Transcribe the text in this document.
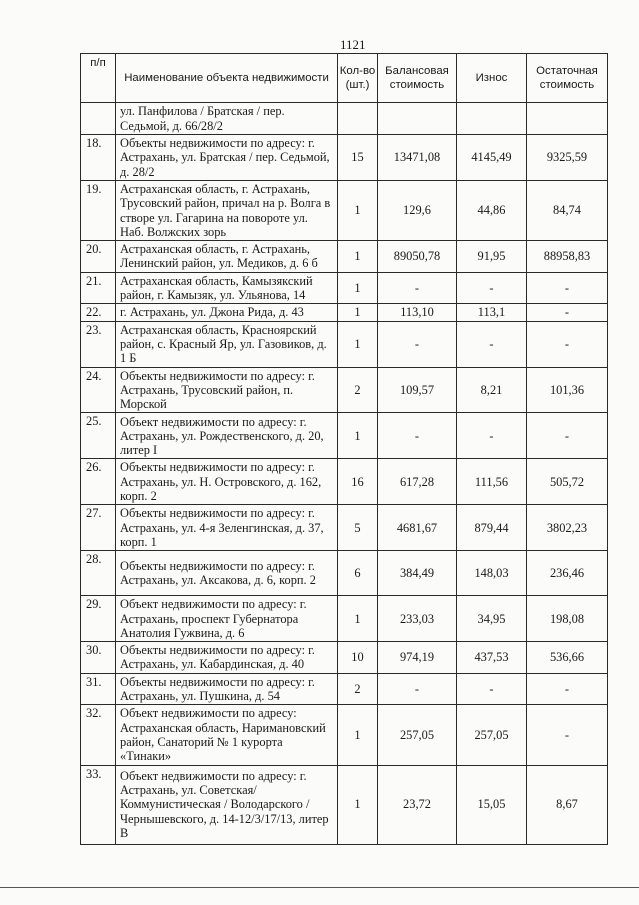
1121
п/п	Наименование объекта недвижимости	Кол-во (шт.)	Балансовая стоимость	Износ	Остаточная стоимость
	ул. Панфилова / Братская / пер. Седьмой, д. 66/28/2				
18.	Объекты недвижимости по адресу: г. Астрахань, ул. Братская / пер. Седьмой, д. 28/2	15	13471,08	4145,49	9325,59
19.	Астраханская область, г. Астрахань, Трусовский район, причал на р. Волга в створе ул. Гагарина на повороте ул. Наб. Волжских зорь	1	129,6	44,86	84,74
20.	Астраханская область, г. Астрахань, Ленинский район, ул. Медиков, д. 6 б	1	89050,78	91,95	88958,83
21.	Астраханская область, Камызякский район, г. Камызяк, ул. Ульянова, 14	1	-	-	-
22.	г. Астрахань, ул. Джона Рида, д. 43	1	113,10	113,1	-
23.	Астраханская область, Красноярский район, с. Красный Яр, ул. Газовиков, д. 1 Б	1	-	-	-
24.	Объекты недвижимости по адресу: г. Астрахань, Трусовский район, п. Морской	2	109,57	8,21	101,36
25.	Объект недвижимости по адресу: г. Астрахань, ул. Рождественского, д. 20, литер I	1	-	-	-
26.	Объекты недвижимости по адресу: г. Астрахань, ул. Н. Островского, д. 162, корп. 2	16	617,28	111,56	505,72
27.	Объекты недвижимости по адресу: г. Астрахань, ул. 4-я Зеленгинская, д. 37, корп. 1	5	4681,67	879,44	3802,23
28.	Объекты недвижимости по адресу: г. Астрахань, ул. Аксакова, д. 6, корп. 2	6	384,49	148,03	236,46
29.	Объект недвижимости по адресу: г. Астрахань, проспект Губернатора Анатолия Гужвина, д. 6	1	233,03	34,95	198,08
30.	Объекты недвижимости по адресу: г. Астрахань, ул. Кабардинская, д. 40	10	974,19	437,53	536,66
31.	Объекты недвижимости по адресу: г. Астрахань, ул. Пушкина, д. 54	2	-	-	-
32.	Объект недвижимости по адресу: Астраханская область, Наримановский район, Санаторий № 1 курорта «Тинаки»	1	257,05	257,05	-
33.	Объект недвижимости по адресу: г. Астрахань, ул. Советская/ Коммунистическая / Володарского / Чернышевского, д. 14-12/3/17/13, литер В	1	23,72	15,05	8,67
